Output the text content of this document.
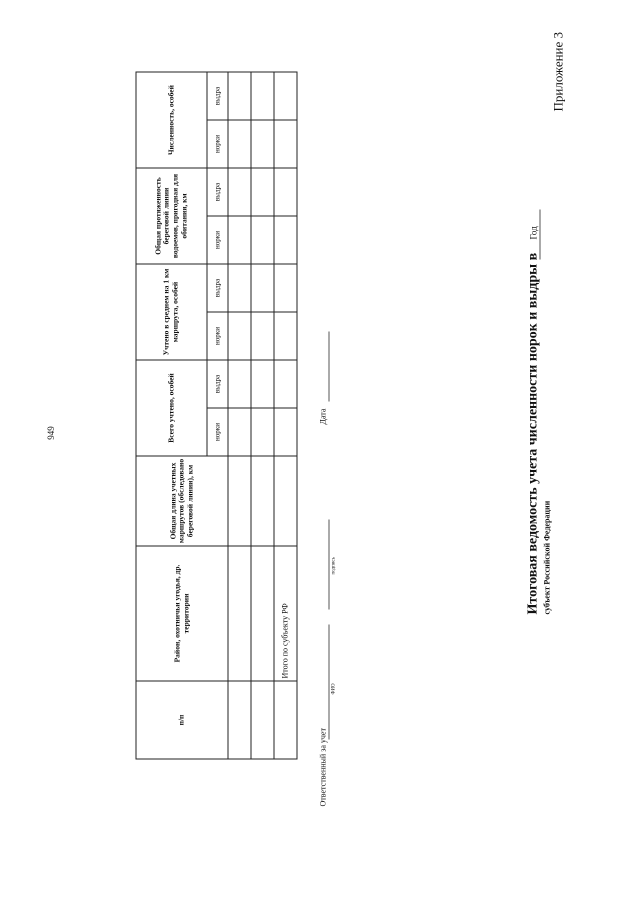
949
Приложение 3
Итоговая ведомость учета численности норок и выдры в субъект Российской Федерации
Год
п/п	Район, охотничьи угодья, др. территории	Общая длина учетных маршрутов (обследовано береговой линии), км	Всего учтено, особей		Учтено в среднем на 1 км маршрута, особей		Общая протяженность береговой линии водоемов, пригодная для обитания, км		Численность, особей	
			норки	выдра	норки	выдра	норки	выдра	норки	выдра

	Итого по субъекту РФ									
Ответственный за учет
ФИО
подпись
Дата
